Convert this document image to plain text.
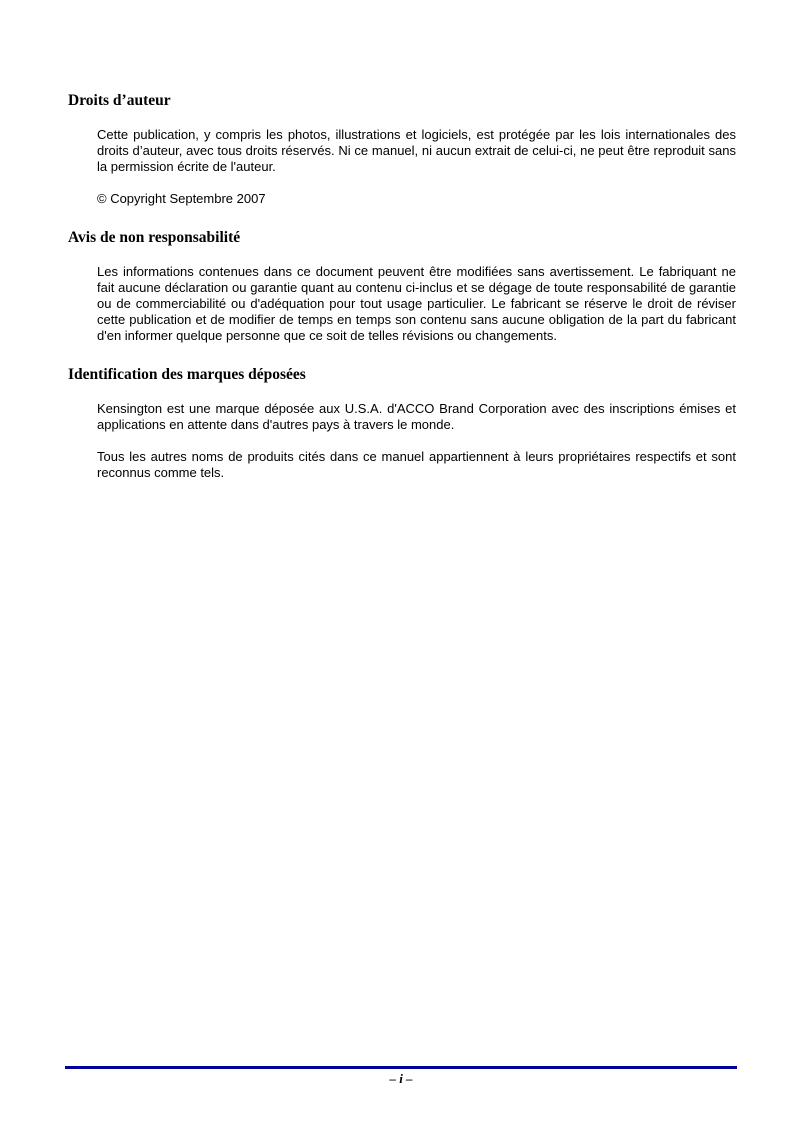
Droits d’auteur

Cette publication, y compris les photos, illustrations et logiciels, est protégée par les lois internationales des droits d’auteur, avec tous droits réservés. Ni ce manuel, ni aucun extrait de celui-ci, ne peut être reproduit sans la permission écrite de l'auteur.

© Copyright Septembre 2007

Avis de non responsabilité

Les informations contenues dans ce document peuvent être modifiées sans avertissement. Le fabriquant ne fait aucune déclaration ou garantie quant au contenu ci-inclus et se dégage de toute responsabilité de garantie ou de commerciabilité ou d'adéquation pour tout usage particulier. Le fabricant se réserve le droit de réviser cette publication et de modifier de temps en temps son contenu sans aucune obligation de la part du fabricant d'en informer quelque personne que ce soit de telles révisions ou changements.

Identification des marques déposées

Kensington est une marque déposée aux U.S.A. d'ACCO Brand Corporation avec des inscriptions émises et applications en attente dans d'autres pays à travers le monde.

Tous les autres noms de produits cités dans ce manuel appartiennent à leurs propriétaires respectifs et sont reconnus comme tels.

– i –
